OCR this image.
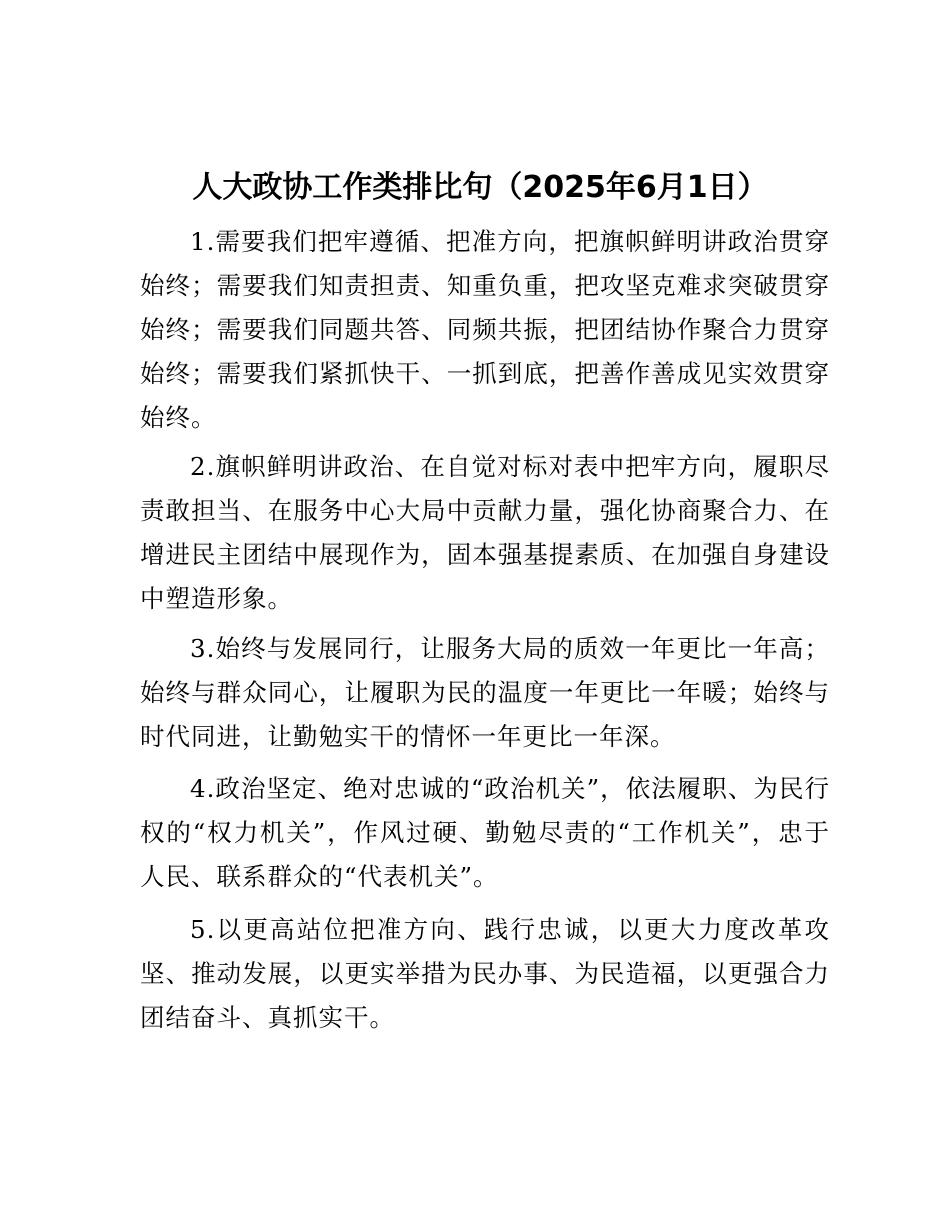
人大政协工作类排比句（2025年6月1日）

1.需要我们把牢遵循、把准方向，把旗帜鲜明讲政治贯穿始终；需要我们知责担责、知重负重，把攻坚克难求突破贯穿始终；需要我们同题共答、同频共振，把团结协作聚合力贯穿始终；需要我们紧抓快干、一抓到底，把善作善成见实效贯穿始终。

2.旗帜鲜明讲政治、在自觉对标对表中把牢方向，履职尽责敢担当、在服务中心大局中贡献力量，强化协商聚合力、在增进民主团结中展现作为，固本强基提素质、在加强自身建设中塑造形象。

3.始终与发展同行，让服务大局的质效一年更比一年高；始终与群众同心，让履职为民的温度一年更比一年暖；始终与时代同进，让勤勉实干的情怀一年更比一年深。

4.政治坚定、绝对忠诚的“政治机关”，依法履职、为民行权的“权力机关”，作风过硬、勤勉尽责的“工作机关”，忠于人民、联系群众的“代表机关”。

5.以更高站位把准方向、践行忠诚，以更大力度改革攻坚、推动发展，以更实举措为民办事、为民造福，以更强合力团结奋斗、真抓实干。
